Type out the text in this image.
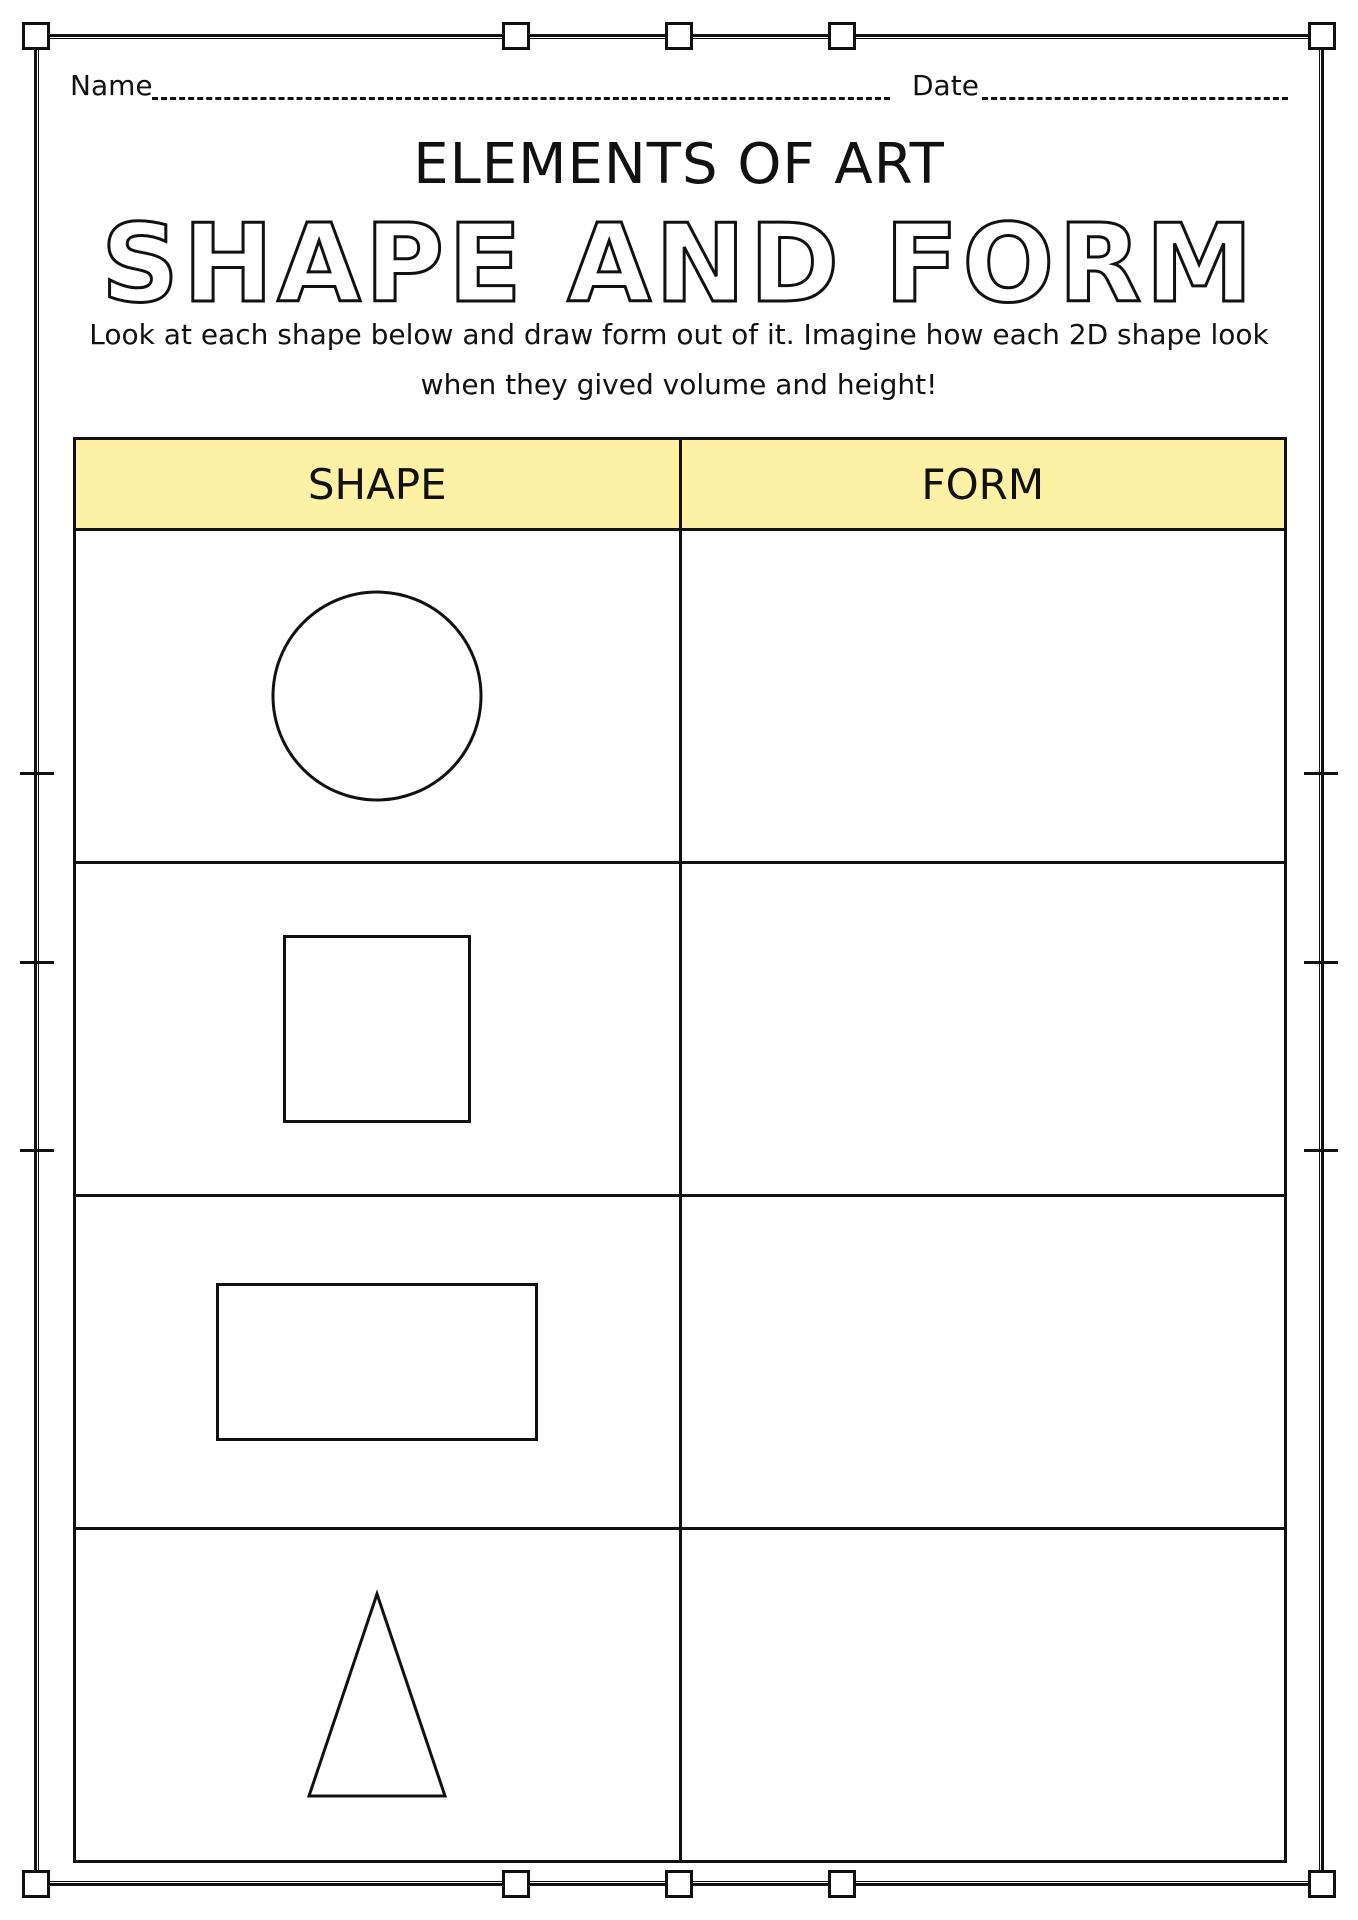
Name	Date
ELEMENTS OF ART
SHAPE AND FORM
Look at each shape below and draw form out of it. Imagine how each 2D shape look when they gived volume and height!
SHAPE	FORM
